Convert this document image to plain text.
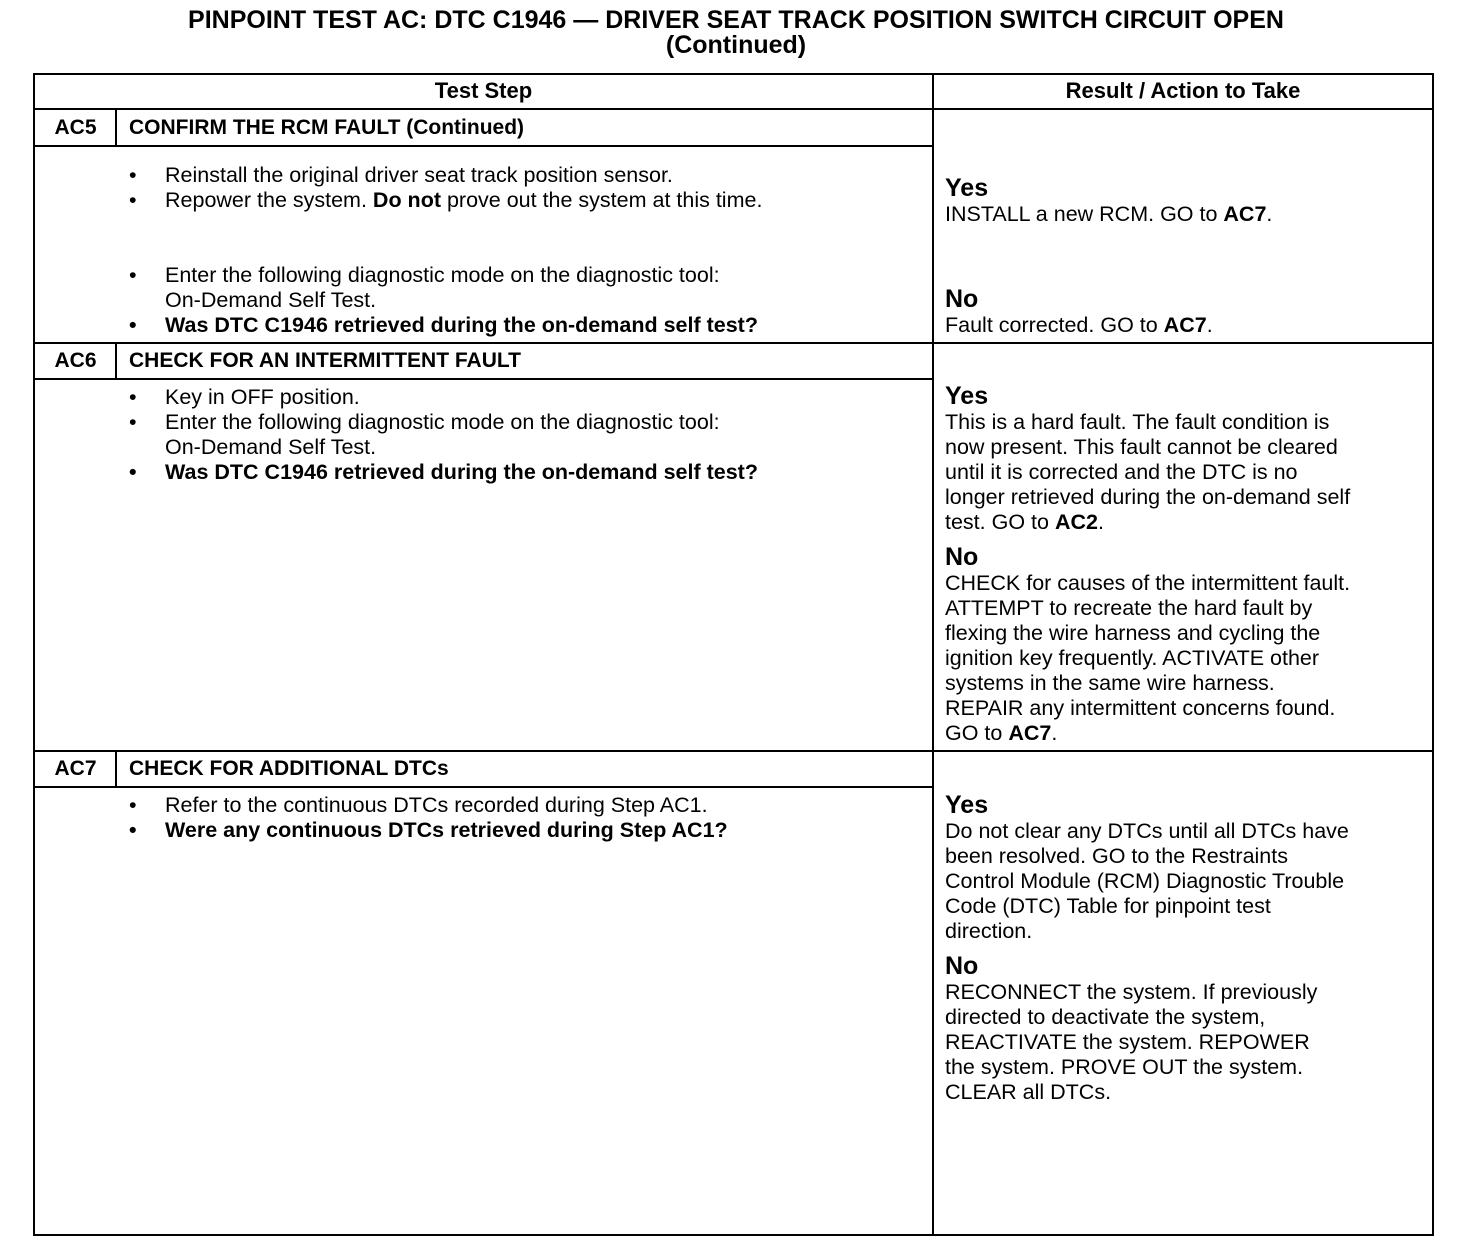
PINPOINT TEST AC: DTC C1946 — DRIVER SEAT TRACK POSITION SWITCH CIRCUIT OPEN
(Continued)
Test Step	Result / Action to Take
AC5	CONFIRM THE RCM FAULT (Continued)
• Reinstall the original driver seat track position sensor.
• Repower the system. Do not prove out the system at this time.
• Enter the following diagnostic mode on the diagnostic tool:
On-Demand Self Test.
• Was DTC C1946 retrieved during the on-demand self test?
Yes
INSTALL a new RCM. GO to AC7.
No
Fault corrected. GO to AC7.
AC6	CHECK FOR AN INTERMITTENT FAULT
• Key in OFF position.
• Enter the following diagnostic mode on the diagnostic tool:
On-Demand Self Test.
• Was DTC C1946 retrieved during the on-demand self test?
Yes
This is a hard fault. The fault condition is
now present. This fault cannot be cleared
until it is corrected and the DTC is no
longer retrieved during the on-demand self
test. GO to AC2.
No
CHECK for causes of the intermittent fault.
ATTEMPT to recreate the hard fault by
flexing the wire harness and cycling the
ignition key frequently. ACTIVATE other
systems in the same wire harness.
REPAIR any intermittent concerns found.
GO to AC7.
AC7	CHECK FOR ADDITIONAL DTCs
• Refer to the continuous DTCs recorded during Step AC1.
• Were any continuous DTCs retrieved during Step AC1?
Yes
Do not clear any DTCs until all DTCs have
been resolved. GO to the Restraints
Control Module (RCM) Diagnostic Trouble
Code (DTC) Table for pinpoint test
direction.
No
RECONNECT the system. If previously
directed to deactivate the system,
REACTIVATE the system. REPOWER
the system. PROVE OUT the system.
CLEAR all DTCs.
